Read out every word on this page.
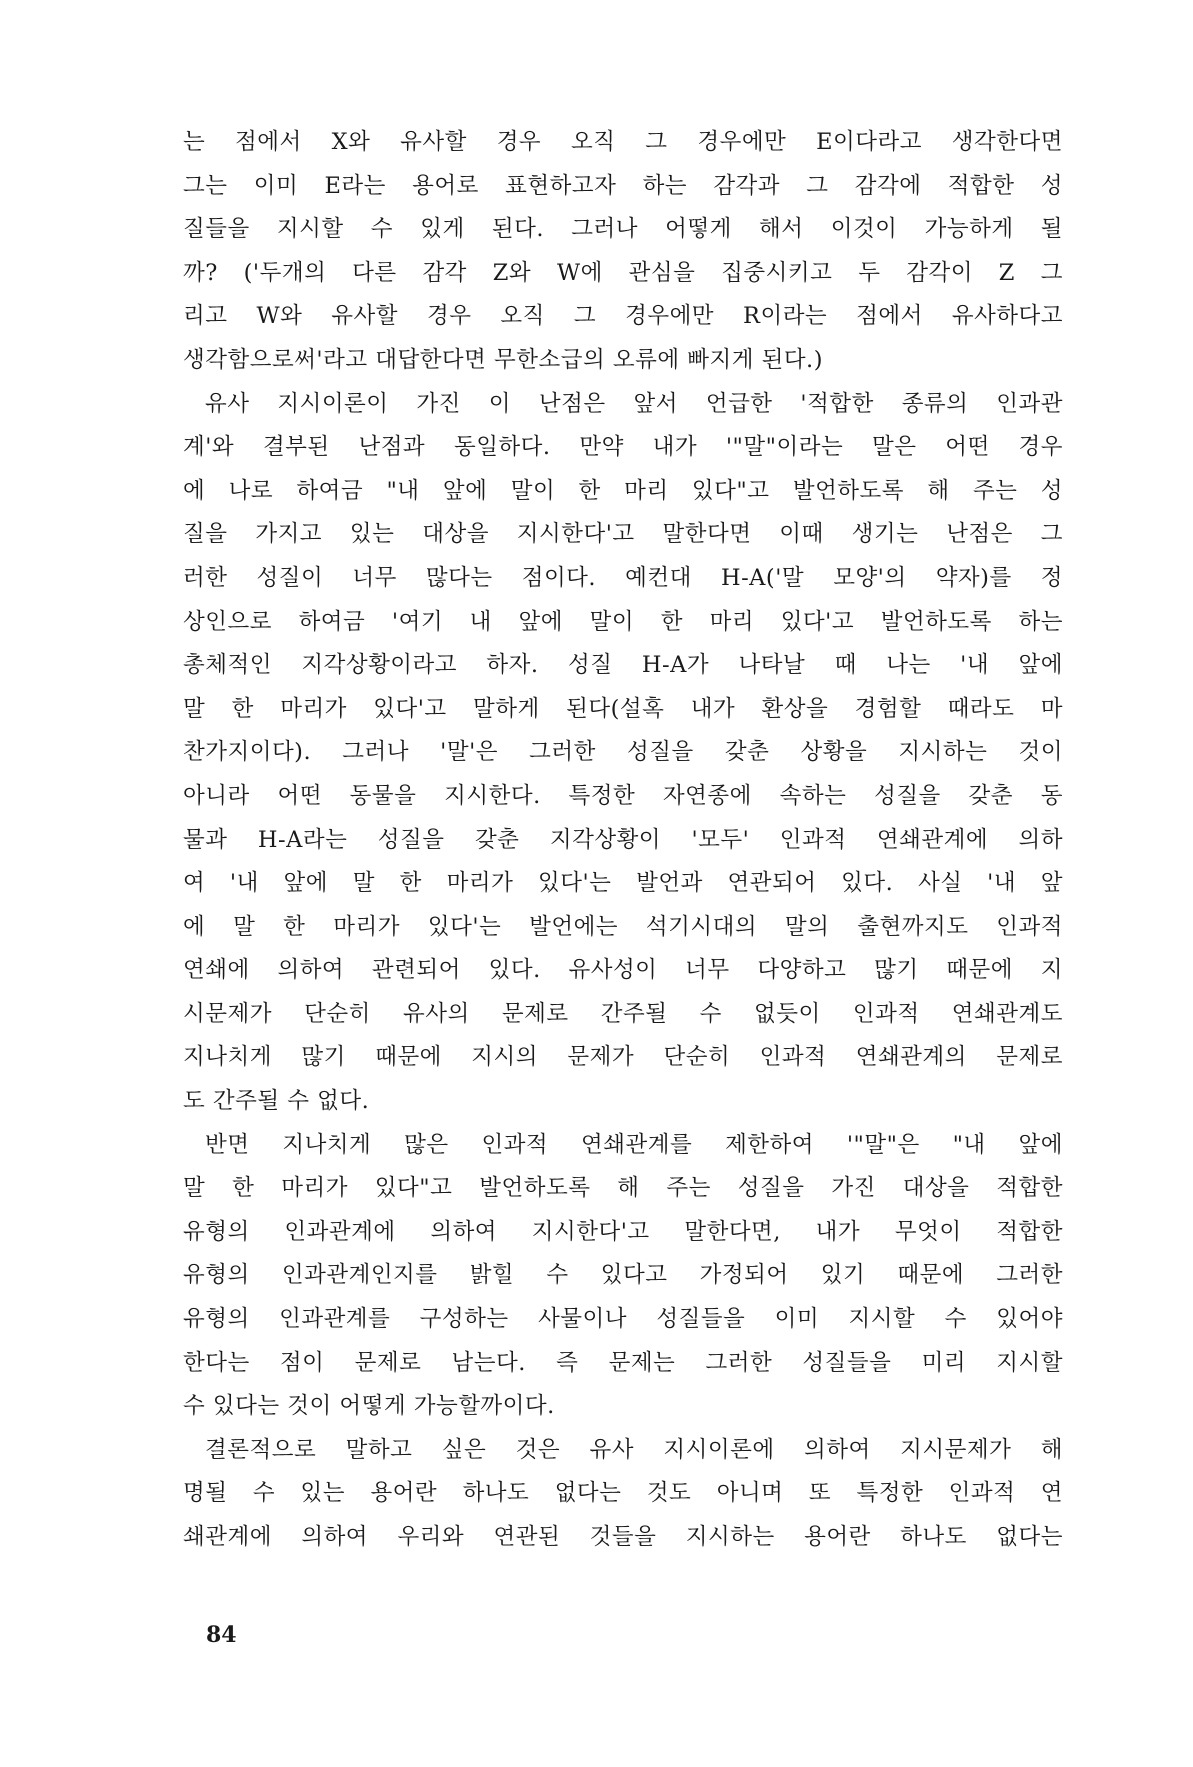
는 점에서 X와 유사할 경우 오직 그 경우에만 E이다라고 생각한다면
그는 이미 E라는 용어로 표현하고자 하는 감각과 그 감각에 적합한 성
질들을 지시할 수 있게 된다. 그러나 어떻게 해서 이것이 가능하게 될
까? ('두개의 다른 감각 Z와 W에 관심을 집중시키고 두 감각이 Z 그
리고 W와 유사할 경우 오직 그 경우에만 R이라는 점에서 유사하다고
생각함으로써'라고 대답한다면 무한소급의 오류에 빠지게 된다.)
유사 지시이론이 가진 이 난점은 앞서 언급한 '적합한 종류의 인과관
계'와 결부된 난점과 동일하다. 만약 내가 '"말"이라는 말은 어떤 경우
에 나로 하여금 "내 앞에 말이 한 마리 있다"고 발언하도록 해 주는 성
질을 가지고 있는 대상을 지시한다'고 말한다면 이때 생기는 난점은 그
러한 성질이 너무 많다는 점이다. 예컨대 H-A('말 모양'의 약자)를 정
상인으로 하여금 '여기 내 앞에 말이 한 마리 있다'고 발언하도록 하는
총체적인 지각상황이라고 하자. 성질 H-A가 나타날 때 나는 '내 앞에
말 한 마리가 있다'고 말하게 된다(설혹 내가 환상을 경험할 때라도 마
찬가지이다). 그러나 '말'은 그러한 성질을 갖춘 상황을 지시하는 것이
아니라 어떤 동물을 지시한다. 특정한 자연종에 속하는 성질을 갖춘 동
물과 H-A라는 성질을 갖춘 지각상황이 '모두' 인과적 연쇄관계에 의하
여 '내 앞에 말 한 마리가 있다'는 발언과 연관되어 있다. 사실 '내 앞
에 말 한 마리가 있다'는 발언에는 석기시대의 말의 출현까지도 인과적
연쇄에 의하여 관련되어 있다. 유사성이 너무 다양하고 많기 때문에 지
시문제가 단순히 유사의 문제로 간주될 수 없듯이 인과적 연쇄관계도
지나치게 많기 때문에 지시의 문제가 단순히 인과적 연쇄관계의 문제로
도 간주될 수 없다.
반면 지나치게 많은 인과적 연쇄관계를 제한하여 '"말"은 "내 앞에
말 한 마리가 있다"고 발언하도록 해 주는 성질을 가진 대상을 적합한
유형의 인과관계에 의하여 지시한다'고 말한다면, 내가 무엇이 적합한
유형의 인과관계인지를 밝힐 수 있다고 가정되어 있기 때문에 그러한
유형의 인과관계를 구성하는 사물이나 성질들을 이미 지시할 수 있어야
한다는 점이 문제로 남는다. 즉 문제는 그러한 성질들을 미리 지시할
수 있다는 것이 어떻게 가능할까이다.
결론적으로 말하고 싶은 것은 유사 지시이론에 의하여 지시문제가 해
명될 수 있는 용어란 하나도 없다는 것도 아니며 또 특정한 인과적 연
쇄관계에 의하여 우리와 연관된 것들을 지시하는 용어란 하나도 없다는
84
